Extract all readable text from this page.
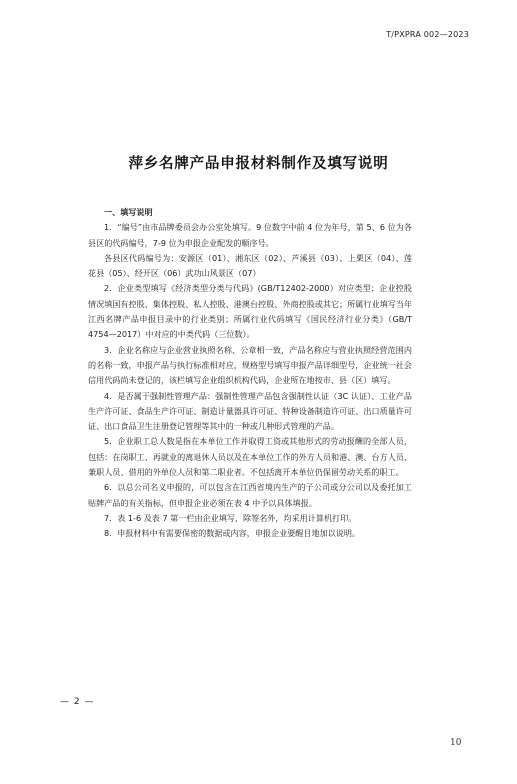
T/PXPRA 002—2023
萍乡名牌产品申报材料制作及填写说明

一、填写说明

1．“编号”由市品牌委员会办公室处填写。9 位数字中前 4 位为年号，第 5、6 位为各县区的代码编号，7-9 位为申报企业配发的顺序号。

各县区代码编号为：安源区（01）、湘东区（02）、芦溪县（03）、上栗区（04）、莲花县（05）、经开区（06）武功山风景区（07）

2．企业类型填写《经济类型分类与代码》(GB/T12402-2000）对应类型；企业控股情况填国有控股、集体控股、私人控股、港澳台控股、外商控股或其它；所属行业填写当年江西名牌产品申报目录中的行业类别；所属行业代码填写《国民经济行业分类》（GB/T 4754—2017）中对应的中类代码（三位数）。

3．企业名称应与企业营业执照名称、公章相一致，产品名称应与营业执照经营范围内的名称一致，申报产品与执行标准相对应，规格型号填写申报产品详细型号，企业统一社会信用代码尚未登记的，该栏填写企业组织机构代码，企业所在地按市、县（区）填写。

4．是否属于强制性管理产品：强制性管理产品包含强制性认证（3C 认证）、工业产品生产许可证、食品生产许可证、制造计量器具许可证、特种设备制造许可证、出口质量许可证、出口食品卫生注册登记管理等其中的一种或几种形式管理的产品。

5．企业职工总人数是指在本单位工作并取得工资或其他形式的劳动报酬的全部人员，包括：在岗职工、再就业的离退休人员以及在本单位工作的外方人员和港、澳、台方人员、兼职人员、借用的外单位人员和第二职业者。不包括离开本单位仍保留劳动关系的职工。

6．以总公司名义申报的，可以包含在江西省境内生产的子公司或分公司以及委托加工贴牌产品的有关指标，但申报企业必须在表 4 中予以具体填报。

7．表 1-6 及表 7 第一栏由企业填写，除签名外，均采用计算机打印。

8．申报材料中有需要保密的数据或内容，申报企业要醒目地加以说明。

— 2 —
10
